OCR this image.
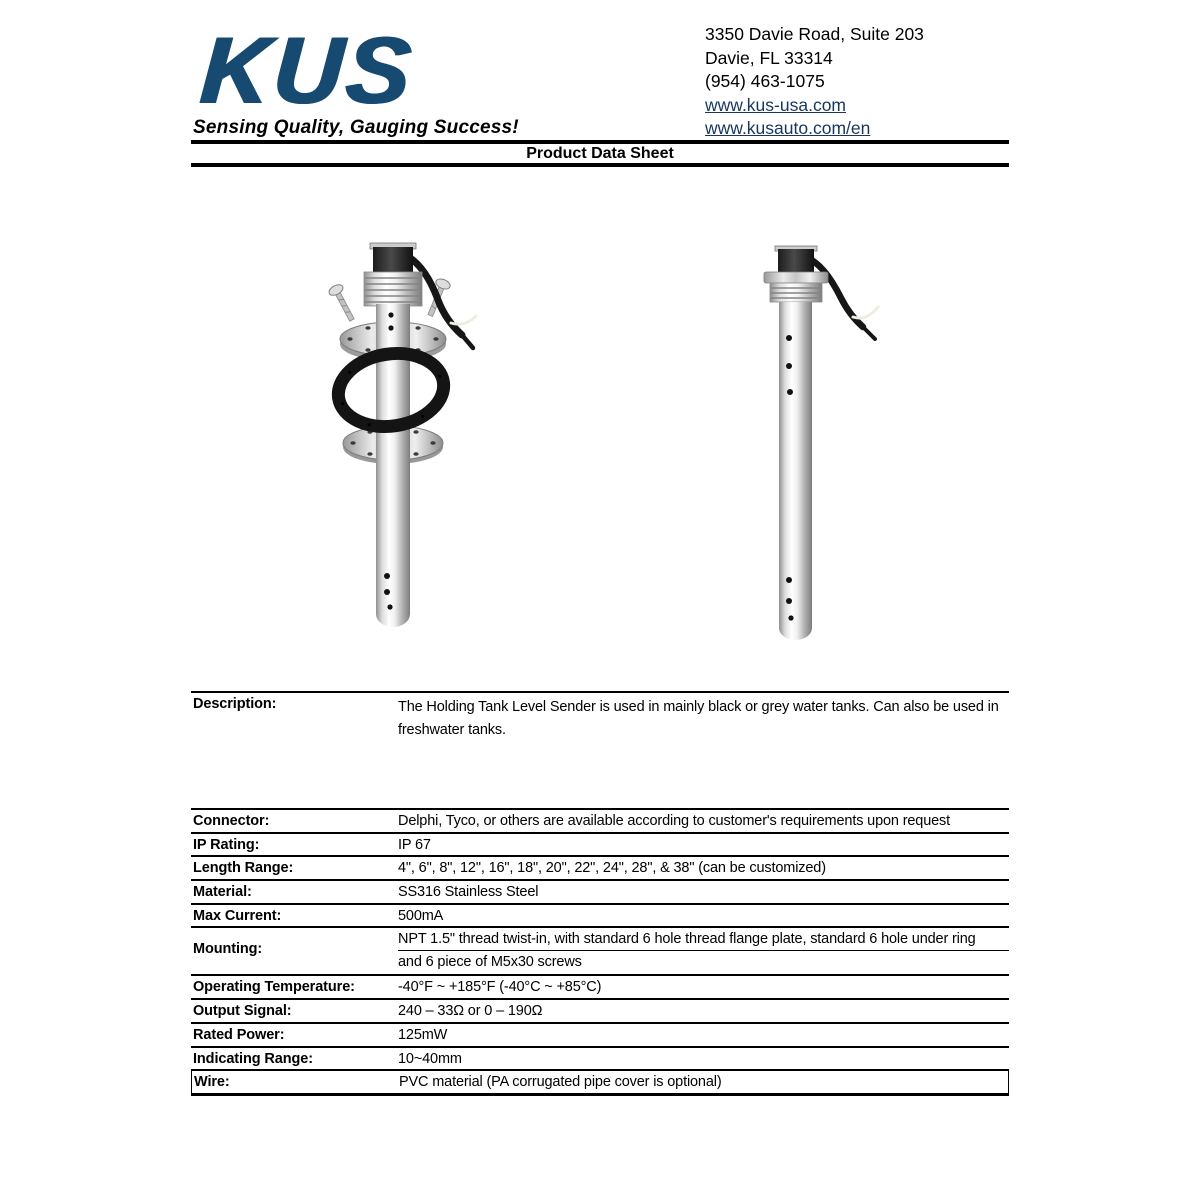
KUS
Sensing Quality, Gauging Success!
3350 Davie Road, Suite 203
Davie, FL 33314
(954) 463-1075
www.kus-usa.com
www.kusauto.com/en
Product Data Sheet
Description:	The Holding Tank Level Sender is used in mainly black or grey water tanks. Can also be used in freshwater tanks.
Connector:	Delphi, Tyco, or others are available according to customer's requirements upon request
IP Rating:	IP 67
Length Range:	4", 6", 8", 12", 16", 18", 20", 22", 24", 28", & 38" (can be customized)
Material:	SS316 Stainless Steel
Max Current:	500mA
Mounting:
NPT 1.5" thread twist-in, with standard 6 hole thread flange plate, standard 6 hole under ring
and 6 piece of M5x30 screws
Operating Temperature:	-40°F ~ +185°F (-40°C ~ +85°C)
Output Signal:	240 – 33Ω or 0 – 190Ω
Rated Power:	125mW
Indicating Range:	10~40mm
Wire:	PVC material (PA corrugated pipe cover is optional)
